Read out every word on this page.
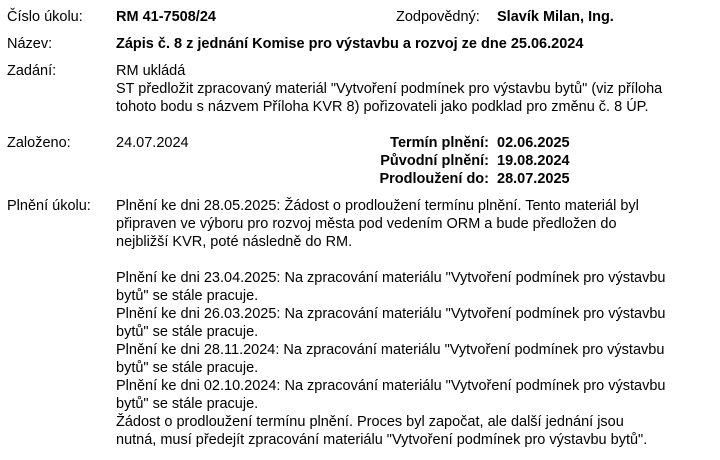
Číslo úkolu: RM 41-7508/24	Zodpovědný: Slavík Milan, Ing.
Název:	Zápis č. 8 z jednání Komise pro výstavbu a rozvoj ze dne 25.06.2024
Zadání:	RM ukládá
ST předložit zpracovaný materiál "Vytvoření podmínek pro výstavbu bytů" (viz příloha
tohoto bodu s názvem Příloha KVR 8) pořizovateli jako podklad pro změnu č. 8 ÚP.
Založeno:	24.07.2024	Termín plnění: 02.06.2025
Původní plnění: 19.08.2024
Prodloužení do: 28.07.2025
Plnění úkolu: Plnění ke dni 28.05.2025: Žádost o prodloužení termínu plnění. Tento materiál byl
připraven ve výboru pro rozvoj města pod vedením ORM a bude předložen do
nejbližší KVR, poté následně do RM.
Plnění ke dni 23.04.2025: Na zpracování materiálu "Vytvoření podmínek pro výstavbu
bytů" se stále pracuje.
Plnění ke dni 26.03.2025: Na zpracování materiálu "Vytvoření podmínek pro výstavbu
bytů" se stále pracuje.
Plnění ke dni 28.11.2024: Na zpracování materiálu "Vytvoření podmínek pro výstavbu
bytů" se stále pracuje.
Plnění ke dni 02.10.2024: Na zpracování materiálu "Vytvoření podmínek pro výstavbu
bytů" se stále pracuje.
Žádost o prodloužení termínu plnění. Proces byl započat, ale další jednání jsou
nutná, musí předejít zpracování materiálu "Vytvoření podmínek pro výstavbu bytů".
